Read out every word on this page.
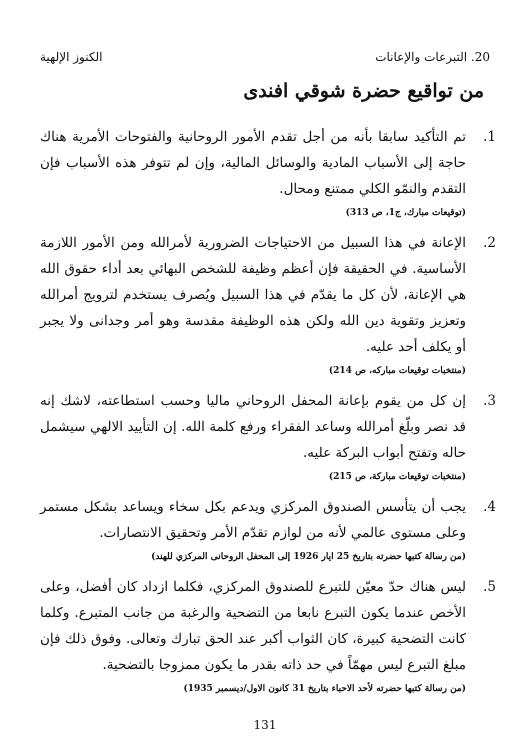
الكنوز الإلهية	20. التبرعات والإعانات
من تواقيع حضرة شوقي افندى
1.

تم التأكيد سابقا بأنه من أجل تقدم الأمور الروحانية والفتوحات الأمرية هناك حاجة إلى الأسباب المادية والوسائل المالية، وإن لم تتوفر هذه الأسباب فإن التقدم والنمّو الكلي ممتنع ومحال.

(توقيعات مبارك، ج1، ص 313)
2.

الإعانة في هذا السبيل من الاحتياجات الضرورية لأمرالله ومن الأمور اللازمة الأساسية. في الحقيقة فإن أعظم وظيفة للشخص البهائي بعد أداء حقوق الله هي الإعانة، لأن كل ما يقدّم في هذا السبيل ويُصرف يستخدم لترويج أمرالله وتعزيز وتقوية دين الله ولكن هذه الوظيفة مقدسة وهو أمر وجدانى ولا يجبر أو يكلف أحد عليه.

(منتخبات توقيعات مباركه، ص 214)
3.

إن كل من يقوم بإعانة المحفل الروحاني ماليا وحسب استطاعته، لاشك إنه قد نصر وبلّغ أمرالله وساعد الفقراء ورفع كلمة الله. إن التأييد الالهي سيشمل حاله وتفتح أبواب البركة عليه.

(منتخبات توقيعات مباركة، ص 215)
4.

يجب أن يتأسس الصندوق المركزي ويدعم بكل سخاء ويساعد بشكل مستمر وعلى مستوى عالمي لأنه من لوازم تقدّم الأمر وتحقيق الانتصارات.

(من رسالة كتبها حضرته بتاريخ 25 ايار 1926 إلى المحفل الروحانى المركزي للهند)
5.

ليس هناك حدّ معيّن للتبرع للصندوق المركزي، فكلما ازداد كان أفضل، وعلى الأخص عندما يكون التبرع نابعا من التضحية والرغبة من جانب المتبرع. وكلما كانت التضحية كبيرة، كان الثواب أكبر عند الحق تبارك وتعالى. وفوق ذلك فإن مبلغ التبرع ليس مهمّاً في حد ذاته بقدر ما يكون ممزوجا بالتضحية.

(من رسالة كتبها حضرته لأحد الاحباء بتاريخ 31 كانون الاول/ديسمبر 1935)
131
